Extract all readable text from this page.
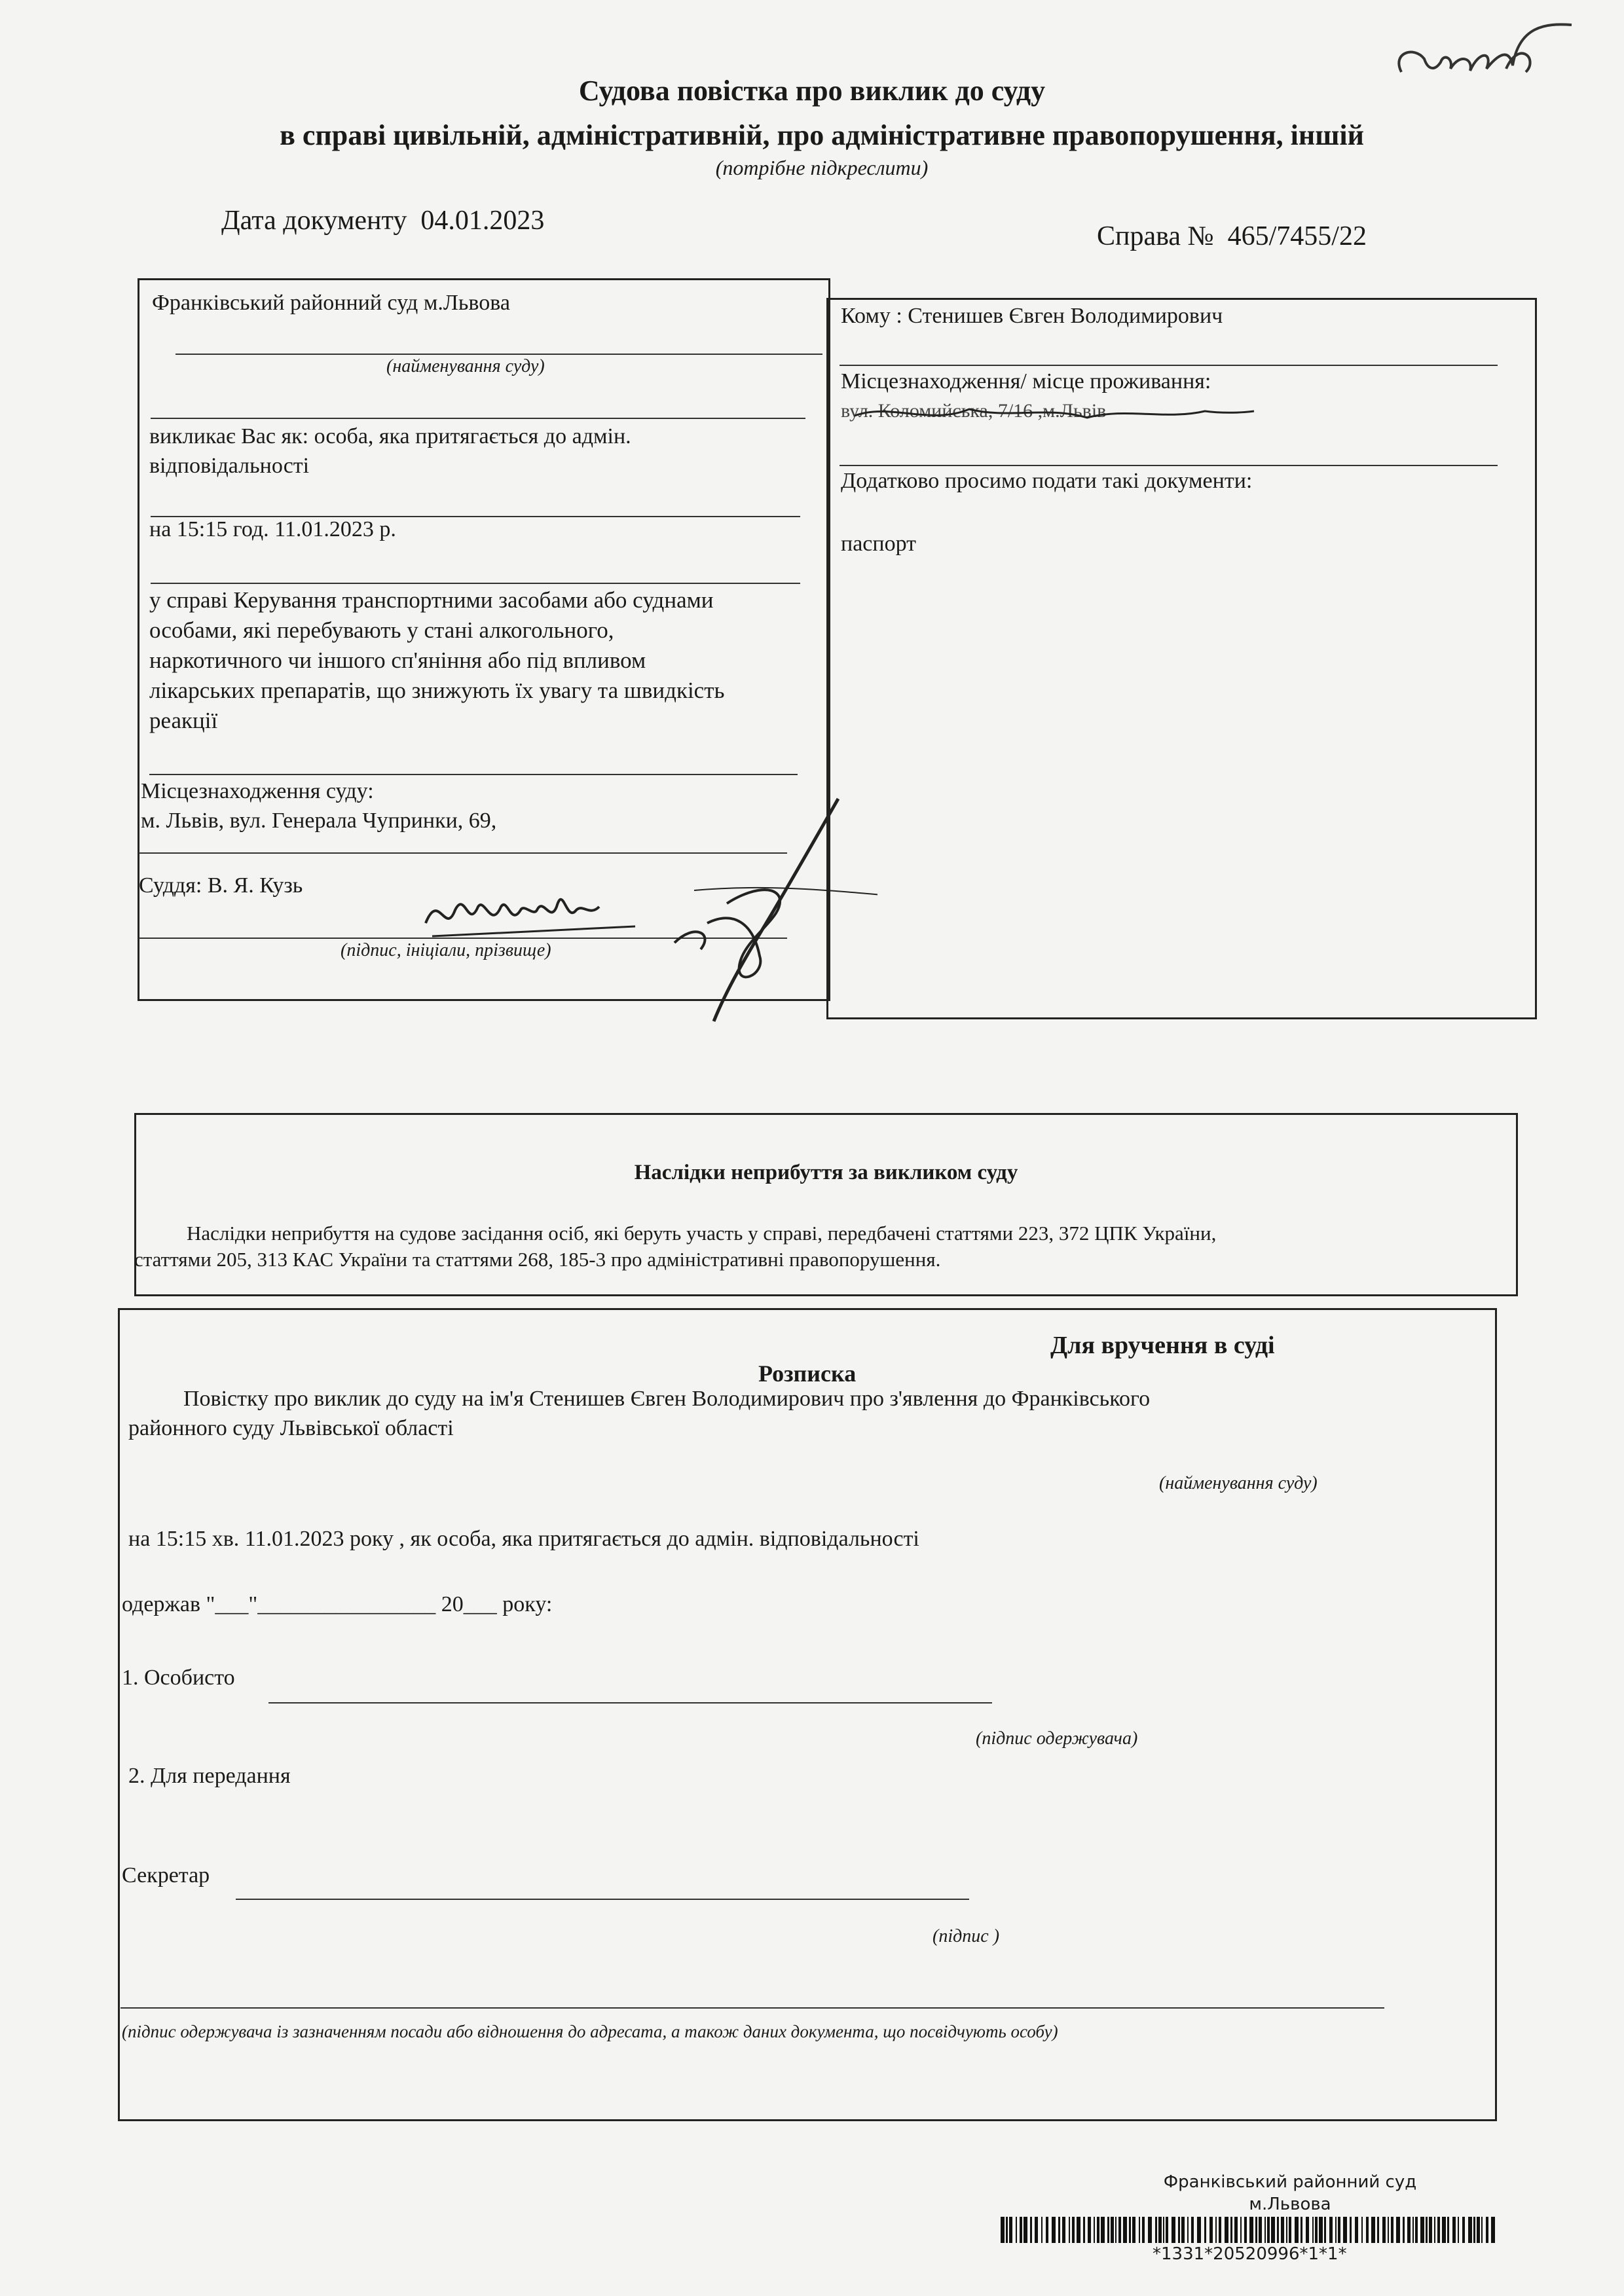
Судова повістка про виклик до суду
в справі цивільній, адміністративній, про адміністративне правопорушення, іншій
(потрібне підкреслити)
Дата документу 04.01.2023
Справа № 465/7455/22
Франківський районний суд м.Львова
(найменування суду)
викликає Вас як: особа, яка притягається до адмін.
відповідальності
на 15:15 год. 11.01.2023 р.
у справі Керування транспортними засобами або суднами
особами, які перебувають у стані алкогольного,
наркотичного чи іншого сп'яніння або під впливом
лікарських препаратів, що знижують їх увагу та швидкість
реакції
Місцезнаходження суду:
м. Львів, вул. Генерала Чупринки, 69,
Суддя: В. Я. Кузь
(підпис, ініціали, прізвище)
Кому : Стенишев Євген Володимирович
Місцезнаходження/ місце проживання:
вул. Коломийська, 7/16 ,м.Львів
Додатково просимо подати такі документи:
паспорт
Наслідки неприбуття за викликом суду
Наслідки неприбуття на судове засідання осіб, які беруть участь у справі, передбачені статтями 223, 372 ЦПК України,
статтями 205, 313 КАС України та статтями 268, 185-3 про адміністративні правопорушення.
Для вручення в суді
Розписка
Повістку про виклик до суду на ім'я Стенишев Євген Володимирович про з'явлення до Франківського
районного суду Львівської області
(найменування суду)
на 15:15 хв. 11.01.2023 року , як особа, яка притягається до адмін. відповідальності
одержав "___"________________ 20___ року:
1. Особисто
(підпис одержувача)
2. Для передання
Секретар
(підпис )
(підпис одержувача із зазначенням посади або відношення до адресата, а також даних документа, що посвідчують особу)
Франківський районний суд
м.Львова
*1331*20520996*1*1*
